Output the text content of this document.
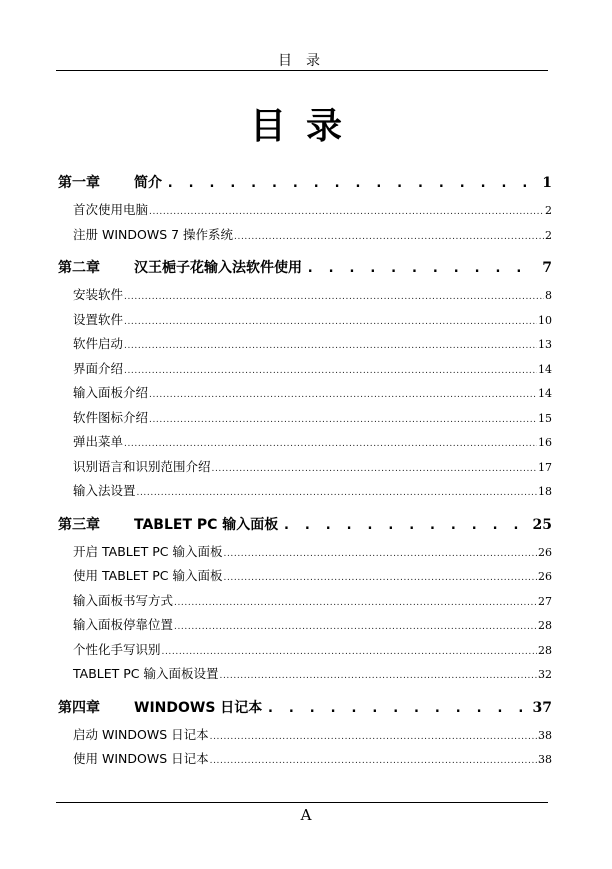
目录
目录
第一章	简介 . . .	1
首次使用电脑 .....	2
注册 WINDOWS 7 操作系统 .....	2
第二章	汉王梔子花输入法软件使用 . . .	7
安装软件 .....	8
设置软件 .....	10
软件启动 .....	13
界面介绍 .....	14
输入面板介绍 .....	14
软件图标介绍 .....	15
弹出菜单 .....	16
识别语言和识别范围介绍 .....	17
输入法设置 .....	18
第三章	TABLET PC 输入面板 . . .	25
开启 TABLET PC 输入面板 .....	26
使用 TABLET PC 输入面板 .....	26
输入面板书写方式 .....	27
输入面板停靠位置 .....	28
个性化手写识别 .....	28
TABLET PC 输入面板设置 .....	32
第四章	WINDOWS 日记本 . . .	37
启动 WINDOWS 日记本 .....	38
使用 WINDOWS 日记本 .....	38
A
